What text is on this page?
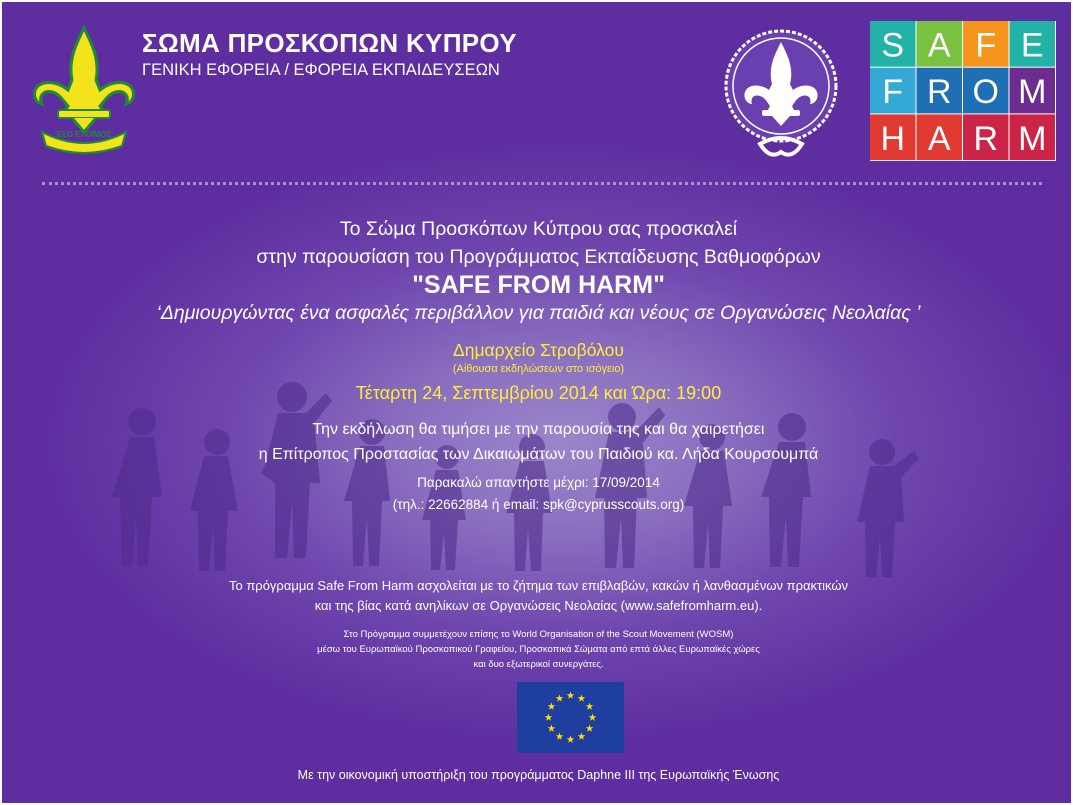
ΕΣΟ ΕΤΟΙΜΟΣ
ΣΩΜΑ ΠΡΟΣΚΟΠΩΝ ΚΥΠΡΟΥ
ΓΕΝΙΚΗ ΕΦΟΡΕΙΑ / ΕΦΟΡΕΙΑ ΕΚΠΑΙΔΕΥΣΕΩΝ
S A F E
F R O M
H A R M
Το Σώμα Προσκόπων Κύπρου σας προσκαλεί
στην παρουσίαση του Προγράμματος Εκπαίδευσης Βαθμοφόρων
"SAFE FROM HARM"
‘Δημιουργώντας ένα ασφαλές περιβάλλον για παιδιά και νέους σε Οργανώσεις Νεολαίας ’
Δημαρχείο Στροβόλου
(Αίθουσα εκδηλώσεων στο ισόγειο)
Τέταρτη 24, Σεπτεμβρίου 2014 και Ώρα: 19:00
Την εκδήλωση θα τιμήσει με την παρουσία της και θα χαιρετήσει
η Επίτροπος Προστασίας των Δικαιωμάτων του Παιδιού κα. Λήδα Κουρσουμπά
Παρακαλώ απαντήστε μέχρι: 17/09/2014
(τηλ.: 22662884 ή email: spk@cyprusscouts.org)
Το πρόγραμμα Safe From Harm ασχολείται με το ζήτημα των επιβλαβών, κακών ή λανθασμένων πρακτικών
και της βίας κατά ανηλίκων σε Οργανώσεις Νεολαίας (www.safefromharm.eu).
Στο Πρόγραμμα συμμετέχουν επίσης το World Organisation of the Scout Movement (WOSM)
μέσω του Ευρωπαϊκού Προσκοπικού Γραφείου, Προσκοπικά Σώματα από επτά άλλες Ευρωπαϊκές χώρες
και δυο εξωτερικοί συνεργάτες.
Με την οικονομική υποστήριξη του προγράμματος Daphne III της Ευρωπαϊκής Ένωσης
